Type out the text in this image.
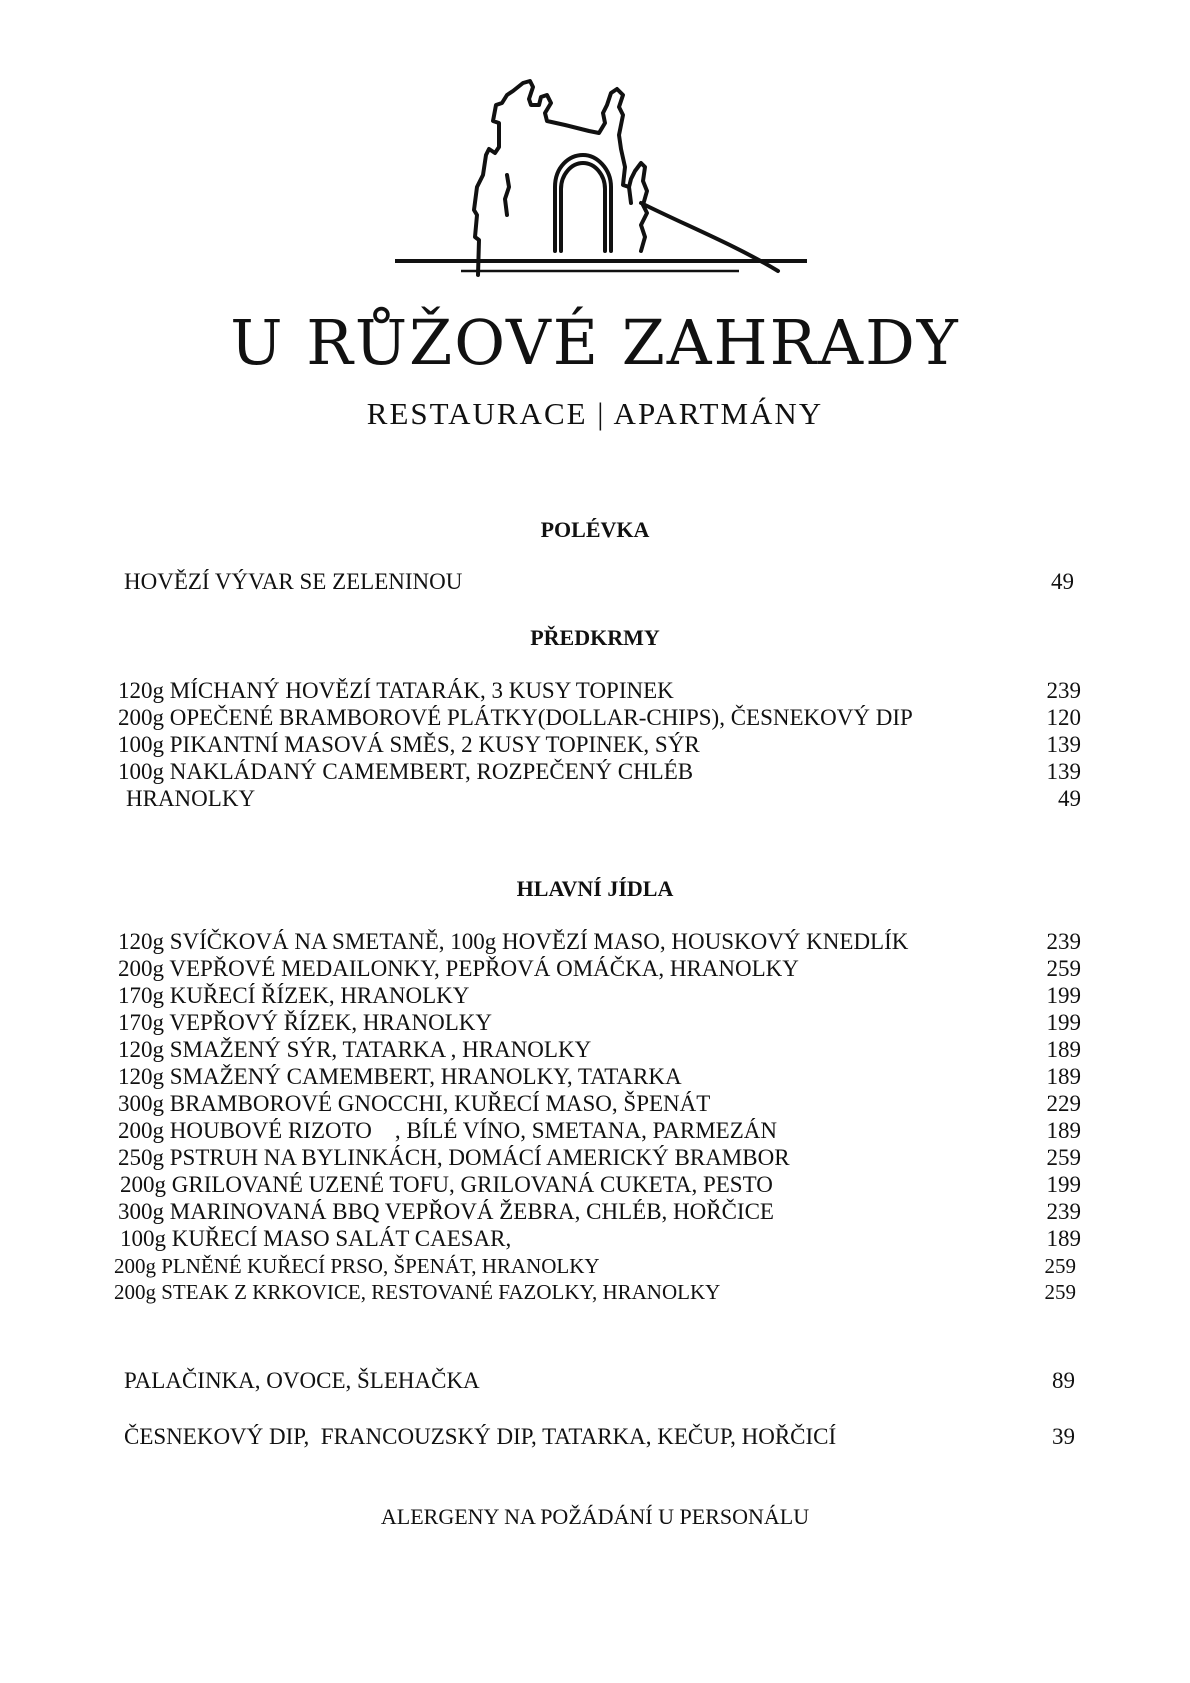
U RŮŽOVÉ ZAHRADY
RESTAURACE | APARTMÁNY
POLÉVKA
HOVĚZÍ VÝVAR SE ZELENINOU	49
PŘEDKRMY
120g MÍCHANÝ HOVĚZÍ TATARÁK, 3 KUSY TOPINEK	239
200g OPEČENÉ BRAMBOROVÉ PLÁTKY(DOLLAR-CHIPS), ČESNEKOVÝ DIP	120
100g PIKANTNÍ MASOVÁ SMĚS, 2 KUSY TOPINEK, SÝR	139
100g NAKLÁDANÝ CAMEMBERT, ROZPEČENÝ CHLÉB	139
HRANOLKY	49
HLAVNÍ JÍDLA
120g SVÍČKOVÁ NA SMETANĚ, 100g HOVĚZÍ MASO, HOUSKOVÝ KNEDLÍK	239
200g VEPŘOVÉ MEDAILONKY, PEPŘOVÁ OMÁČKA, HRANOLKY	259
170g KUŘECÍ ŘÍZEK, HRANOLKY	199
170g VEPŘOVÝ ŘÍZEK, HRANOLKY	199
120g SMAŽENÝ SÝR, TATARKA , HRANOLKY	189
120g SMAŽENÝ CAMEMBERT, HRANOLKY, TATARKA	189
300g BRAMBOROVÉ GNOCCHI, KUŘECÍ MASO, ŠPENÁT	229
200g HOUBOVÉ RIZOTO    , BÍLÉ VÍNO, SMETANA, PARMEZÁN	189
250g PSTRUH NA BYLINKÁCH, DOMÁCÍ AMERICKÝ BRAMBOR	259
200g GRILOVANÉ UZENÉ TOFU, GRILOVANÁ CUKETA, PESTO	199
300g MARINOVANÁ BBQ VEPŘOVÁ ŽEBRA, CHLÉB, HOŘČICE	239
100g KUŘECÍ MASO SALÁT CAESAR,	189
200g PLNĚNÉ KUŘECÍ PRSO, ŠPENÁT, HRANOLKY	259
200g STEAK Z KRKOVICE, RESTOVANÉ FAZOLKY, HRANOLKY	259
PALAČINKA, OVOCE, ŠLEHAČKA	89
ČESNEKOVÝ DIP,  FRANCOUZSKÝ DIP, TATARKA, KEČUP, HOŘČICÍ	39
ALERGENY NA POŽÁDÁNÍ U PERSONÁLU
